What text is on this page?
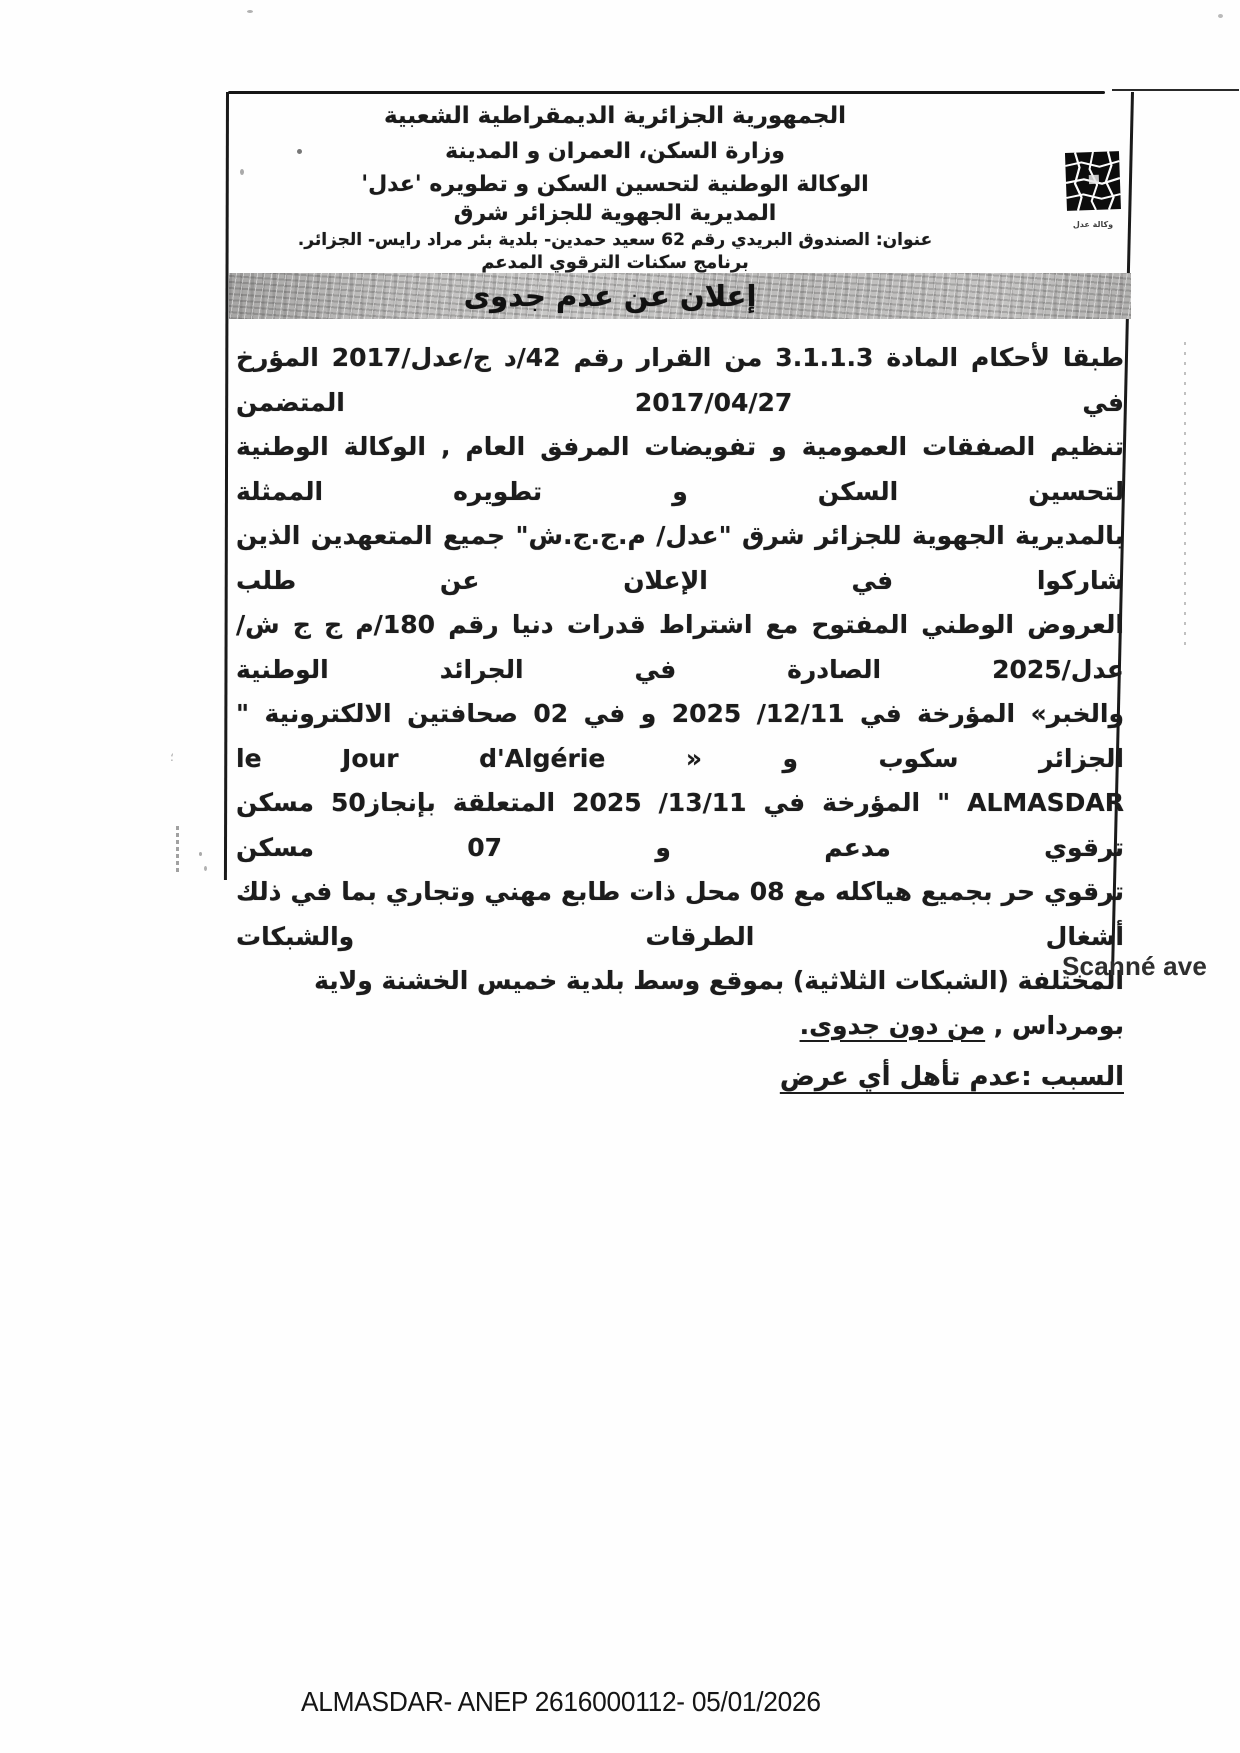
الجمهورية الجزائرية الديمقراطية الشعبية
وزارة السكن، العمران و المدينة
الوكالة الوطنية لتحسين السكن و تطويره 'عدل'
المديرية الجهوية للجزائر شرق
عنوان: الصندوق البريدي رقم 62 سعيد حمدين- بلدية بئر مراد رايس- الجزائر.
برنامج سكنات الترقوي المدعم
وكالة عدل
إعلان عن عدم جدوى
طبقا لأحكام المادة 3.1.1.3 من القرار رقم 42/د ج/عدل/2017 المؤرخ في 2017/04/27 المتضمن
تنظيم الصفقات العمومية و تفويضات المرفق العام , الوكالة الوطنية لتحسين السكن و تطويره الممثلة
بالمديرية الجهوية للجزائر شرق "عدل/ م.ج.ج.ش" جميع المتعهدين الذين شاركوا في الإعلان عن طلب
العروض الوطني المفتوح مع اشتراط قدرات دنيا رقم 180/م ج ج ش/عدل/2025 الصادرة في الجرائد الوطنية
والخبر» المؤرخة في 12/11/ 2025 و في 02 صحافتين الالكترونية " الجزائر سكوب و « le Jour d'Algérie
ALMASDAR " المؤرخة في 13/11/ 2025 المتعلقة بإنجاز50 مسكن ترقوي مدعم و 07 مسكن
ترقوي حر بجميع هياكله مع 08 محل ذات طابع مهني وتجاري بما في ذلك أشغال الطرقات والشبكات
المختلفة (الشبكات الثلاثية) بموقع وسط بلدية خميس الخشنة ولاية بومرداس , من دون جدوى.
السبب :عدم تأهل أي عرض
Scanné ave
ALMASDAR- ANEP 2616000112- 05/01/2026
؛
